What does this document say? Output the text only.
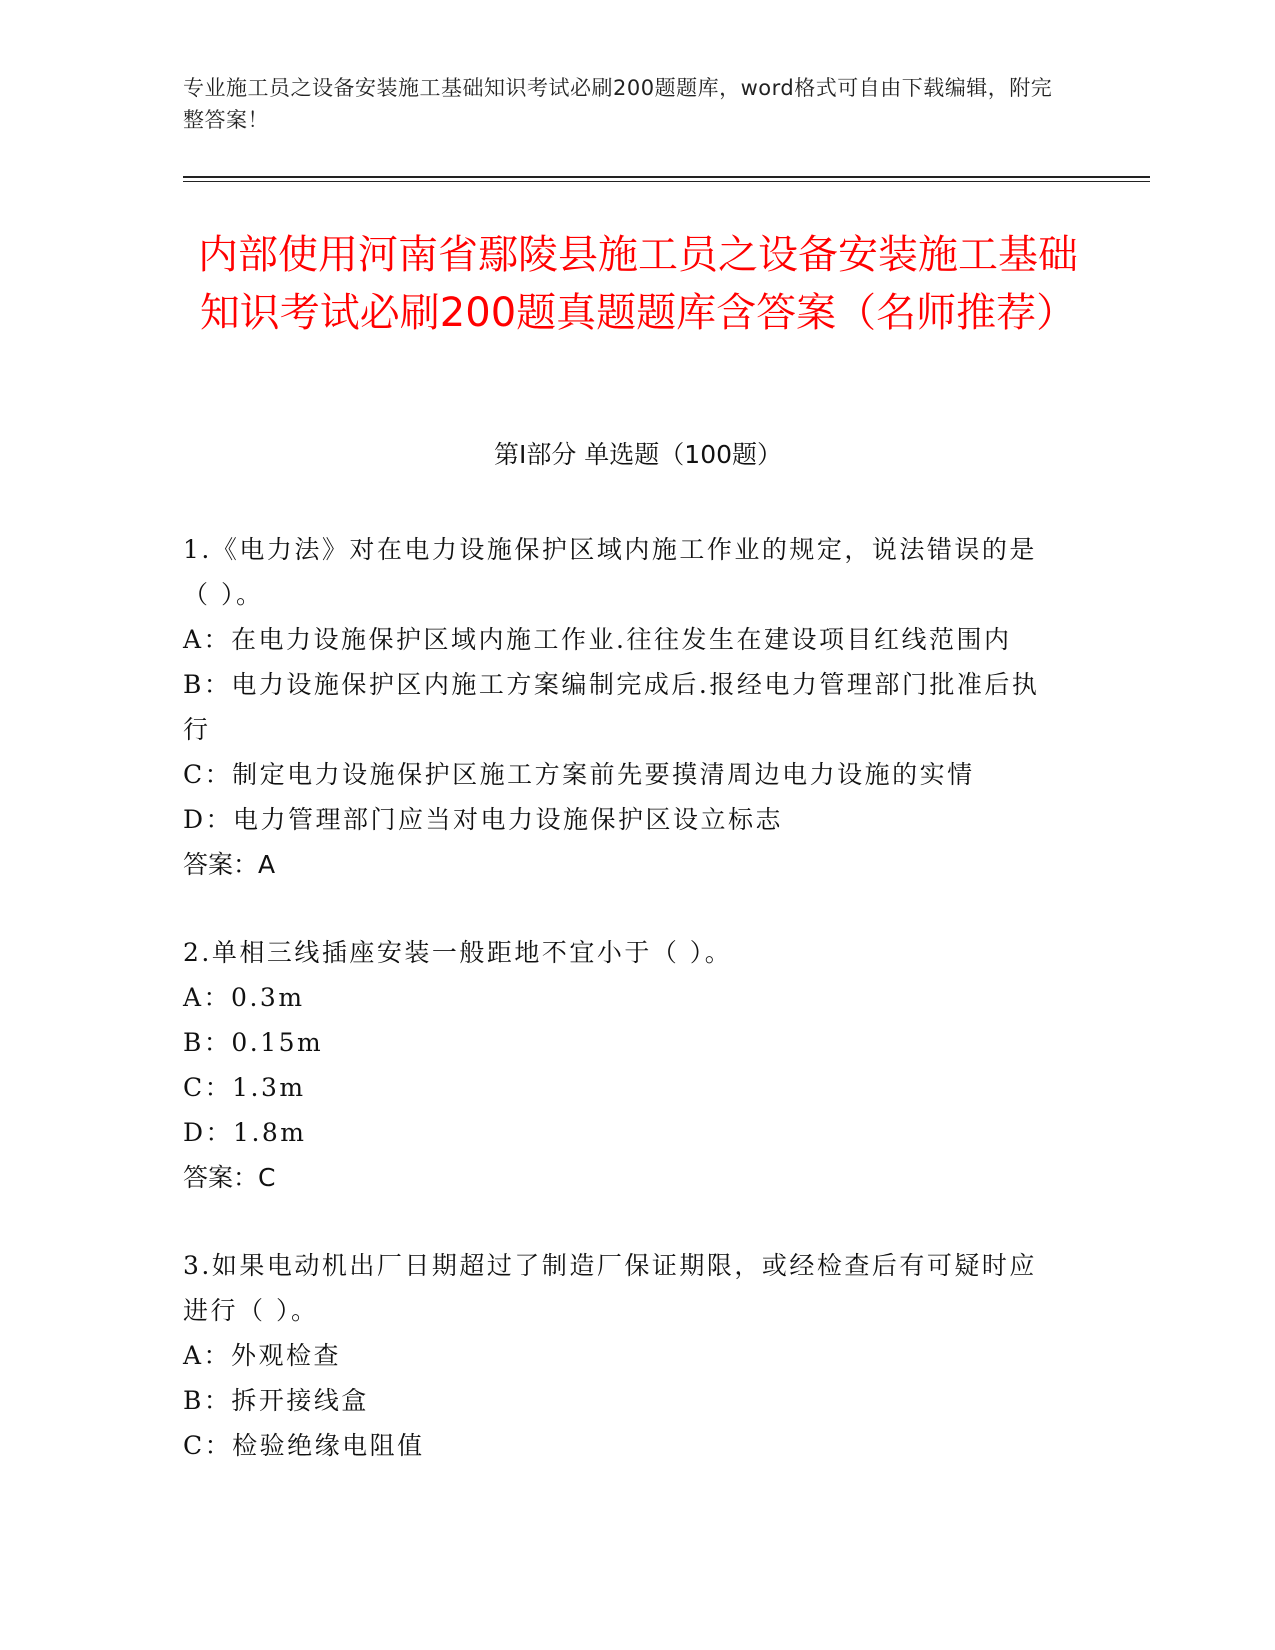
专业施工员之设备安装施工基础知识考试必刷200题题库，word格式可自由下载编辑，附完整答案！
内部使用河南省鄢陵县施工员之设备安装施工基础知识考试必刷200题真题题库含答案（名师推荐）
第Ⅰ部分 单选题（100题）
1.《电力法》对在电力设施保护区域内施工作业的规定，说法错误的是（ ）。
A：在电力设施保护区域内施工作业.往往发生在建设项目红线范围内
B：电力设施保护区内施工方案编制完成后.报经电力管理部门批准后执行
C：制定电力设施保护区施工方案前先要摸清周边电力设施的实情
D：电力管理部门应当对电力设施保护区设立标志
答案：A
2.单相三线插座安装一般距地不宜小于（ ）。
A：0.3m
B：0.15m
C：1.3m
D：1.8m
答案：C
3.如果电动机出厂日期超过了制造厂保证期限，或经检查后有可疑时应进行（ ）。
A：外观检查
B：拆开接线盒
C：检验绝缘电阻值
